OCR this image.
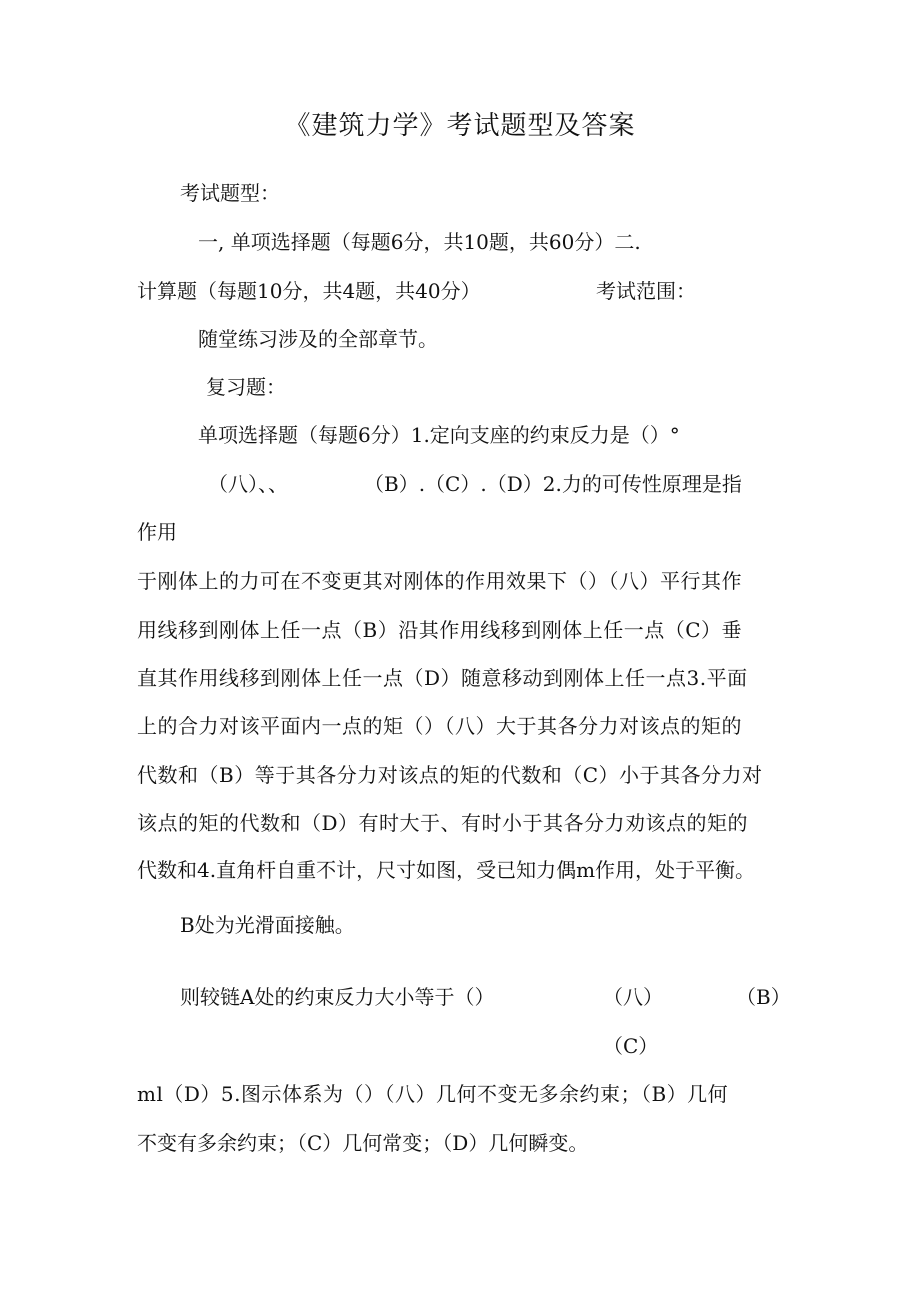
《建筑力学》考试题型及答案
考试题型：
一, 单项选择题（每题6分，共10题，共60分）二.
计算题（每题10分，共4题，共40分）	考试范围：
随堂练习涉及的全部章节。
复习题：
单项选择题（每题6分）1.定向支座的约束反力是（）°
（八）、、	（B）.（C）.（D）2.力的可传性原理是指
作用
于刚体上的力可在不变更其对刚体的作用效果下（）（八）平行其作
用线移到刚体上任一点（B）沿其作用线移到刚体上任一点（C）垂
直其作用线移到刚体上任一点（D）随意移动到刚体上任一点3.平面
上的合力对该平面内一点的矩（）（八）大于其各分力对该点的矩的
代数和（B）等于其各分力对该点的矩的代数和（C）小于其各分力对
该点的矩的代数和（D）有时大于、有时小于其各分力劝该点的矩的
代数和4.直角杆自重不计，尺寸如图，受已知力偶m作用，处于平衡。
B处为光滑面接触。
则较链A处的约束反力大小等于（）	（八）	（B）
（C）
ml（D）5.图示体系为（）（八）几何不变无多余约束；（B）几何
不变有多余约束；（C）几何常变；（D）几何瞬变。
